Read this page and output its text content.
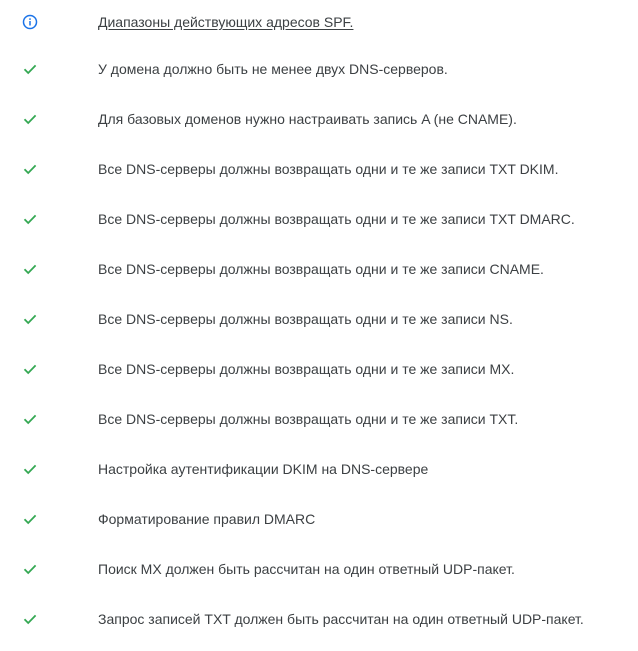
Диапазоны действующих адресов SPF.
У домена должно быть не менее двух DNS-серверов.
Для базовых доменов нужно настраивать запись A (не CNAME).
Все DNS-серверы должны возвращать одни и те же записи TXT DKIM.
Все DNS-серверы должны возвращать одни и те же записи TXT DMARC.
Все DNS-серверы должны возвращать одни и те же записи CNAME.
Все DNS-серверы должны возвращать одни и те же записи NS.
Все DNS-серверы должны возвращать одни и те же записи MX.
Все DNS-серверы должны возвращать одни и те же записи TXT.
Настройка аутентификации DKIM на DNS-сервере
Форматирование правил DMARC
Поиск MX должен быть рассчитан на один ответный UDP-пакет.
Запрос записей TXT должен быть рассчитан на один ответный UDP-пакет.
